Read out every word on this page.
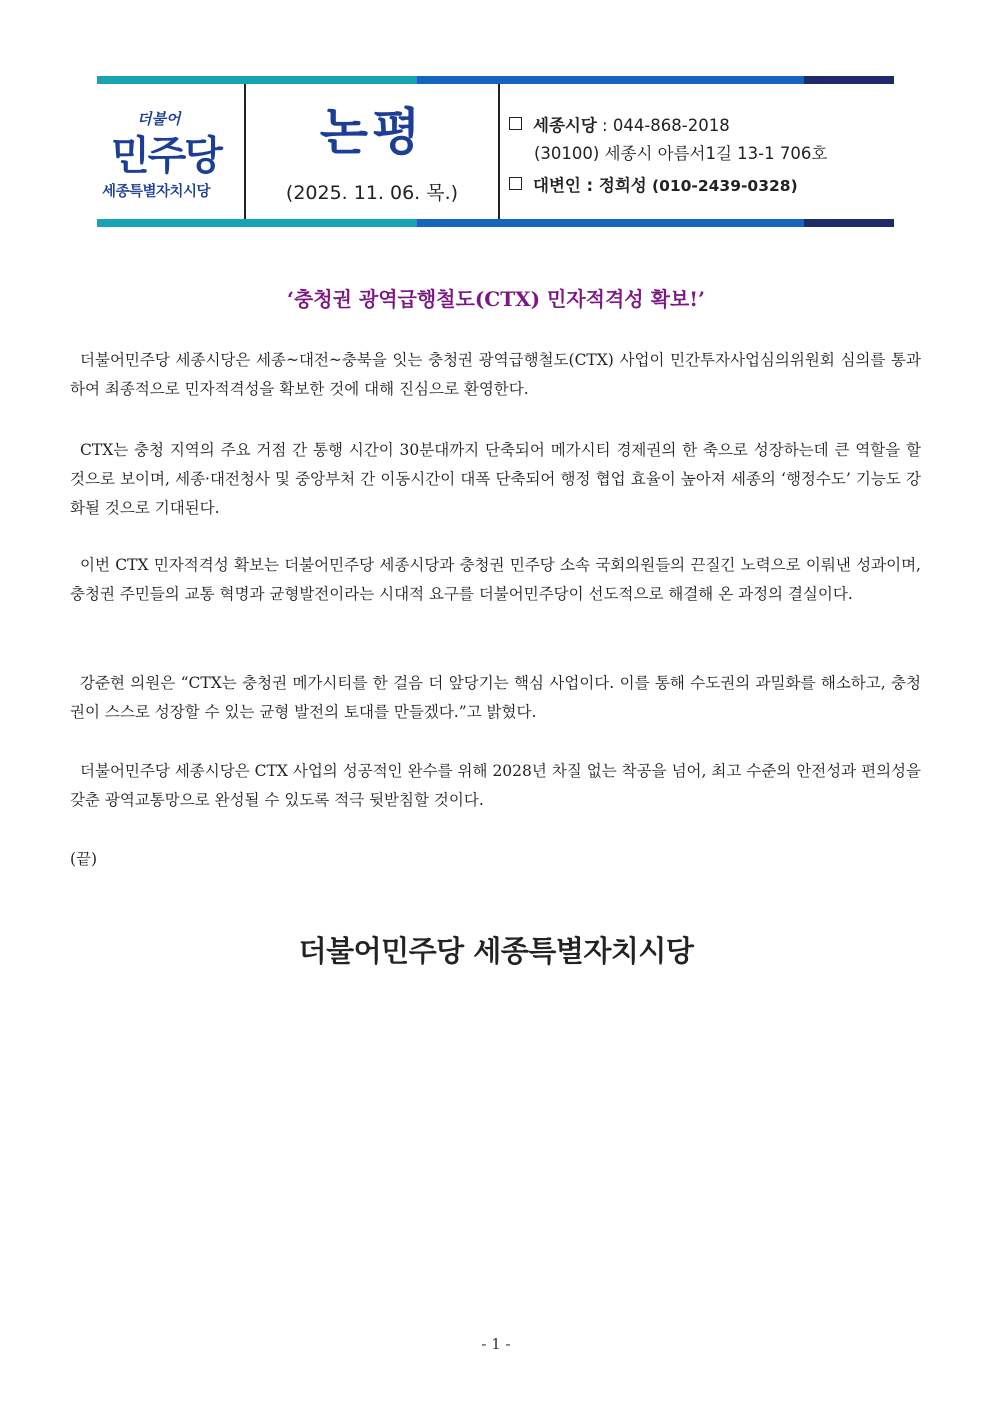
더불어
민주당
세종특별자치시당
논평
(2025. 11. 06. 목.)
세종시당 : 044-868-2018
(30100) 세종시 아름서1길 13-1 706호
대변인 : 정희성 (010-2439-0328)
‘충청권 광역급행철도(CTX) 민자적격성 확보!’

더불어민주당 세종시당은 세종~대전~충북을 잇는 충청권 광역급행철도(CTX) 사업이 민간투자사업심의위원회 심의를 통과하여 최종적으로 민자적격성을 확보한 것에 대해 진심으로 환영한다.

CTX는 충청 지역의 주요 거점 간 통행 시간이 30분대까지 단축되어 메가시티 경제권의 한 축으로 성장하는데 큰 역할을 할 것으로 보이며, 세종·대전청사 및 중앙부처 간 이동시간이 대폭 단축되어 행정 협업 효율이 높아져 세종의 ‘행정수도’ 기능도 강화될 것으로 기대된다.

이번 CTX 민자적격성 확보는 더불어민주당 세종시당과 충청권 민주당 소속 국회의원들의 끈질긴 노력으로 이뤄낸 성과이며, 충청권 주민들의 교통 혁명과 균형발전이라는 시대적 요구를 더불어민주당이 선도적으로 해결해 온 과정의 결실이다.

강준현 의원은 “CTX는 충청권 메가시티를 한 걸음 더 앞당기는 핵심 사업이다. 이를 통해 수도권의 과밀화를 해소하고, 충청권이 스스로 성장할 수 있는 균형 발전의 토대를 만들겠다.”고 밝혔다.

더불어민주당 세종시당은 CTX 사업의 성공적인 완수를 위해 2028년 차질 없는 착공을 넘어, 최고 수준의 안전성과 편의성을 갖춘 광역교통망으로 완성될 수 있도록 적극 뒷받침할 것이다.

(끝)
더불어민주당 세종특별자치시당
- 1 -
